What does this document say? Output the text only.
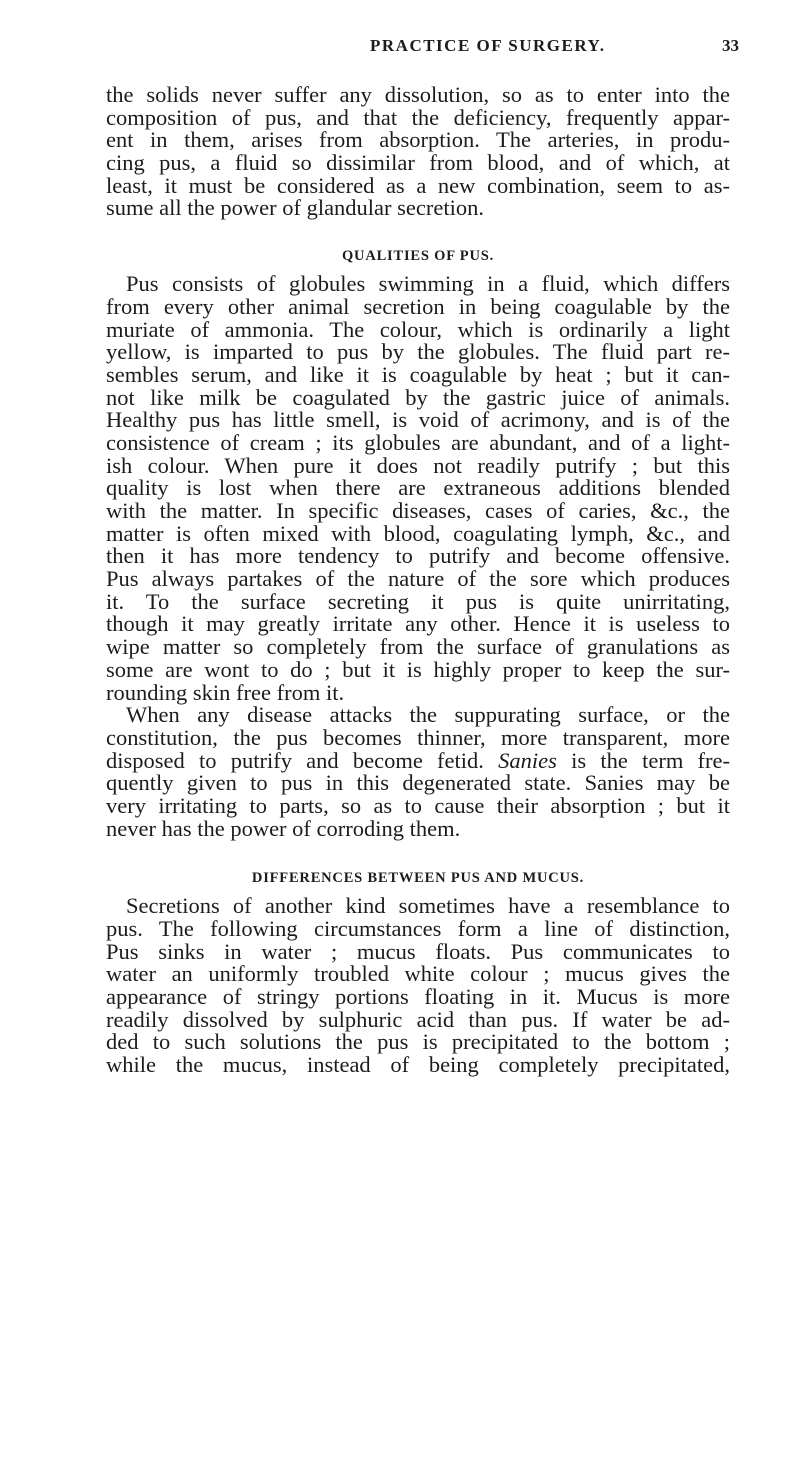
PRACTICE OF SURGERY.	33
the solids never suffer any dissolution, so as to enter into the
composition of pus, and that the deficiency, frequently appar-
ent in them, arises from absorption. The arteries, in produ-
cing pus, a fluid so dissimilar from blood, and of which, at
least, it must be considered as a new combination, seem to as-
sume all the power of glandular secretion.
QUALITIES OF PUS.
Pus consists of globules swimming in a fluid, which differs
from every other animal secretion in being coagulable by the
muriate of ammonia. The colour, which is ordinarily a light
yellow, is imparted to pus by the globules. The fluid part re-
sembles serum, and like it is coagulable by heat ; but it can-
not like milk be coagulated by the gastric juice of animals.
Healthy pus has little smell, is void of acrimony, and is of the
consistence of cream ; its globules are abundant, and of a light-
ish colour. When pure it does not readily putrify ; but this
quality is lost when there are extraneous additions blended
with the matter. In specific diseases, cases of caries, &c., the
matter is often mixed with blood, coagulating lymph, &c., and
then it has more tendency to putrify and become offensive.
Pus always partakes of the nature of the sore which produces
it. To the surface secreting it pus is quite unirritating,
though it may greatly irritate any other. Hence it is useless to
wipe matter so completely from the surface of granulations as
some are wont to do ; but it is highly proper to keep the sur-
rounding skin free from it.
When any disease attacks the suppurating surface, or the
constitution, the pus becomes thinner, more transparent, more
disposed to putrify and become fetid. Sanies is the term fre-
quently given to pus in this degenerated state. Sanies may be
very irritating to parts, so as to cause their absorption ; but it
never has the power of corroding them.
DIFFERENCES BETWEEN PUS AND MUCUS.
Secretions of another kind sometimes have a resemblance to
pus. The following circumstances form a line of distinction,
Pus sinks in water ; mucus floats. Pus communicates to
water an uniformly troubled white colour ; mucus gives the
appearance of stringy portions floating in it. Mucus is more
readily dissolved by sulphuric acid than pus. If water be ad-
ded to such solutions the pus is precipitated to the bottom ;
while the mucus, instead of being completely precipitated,
